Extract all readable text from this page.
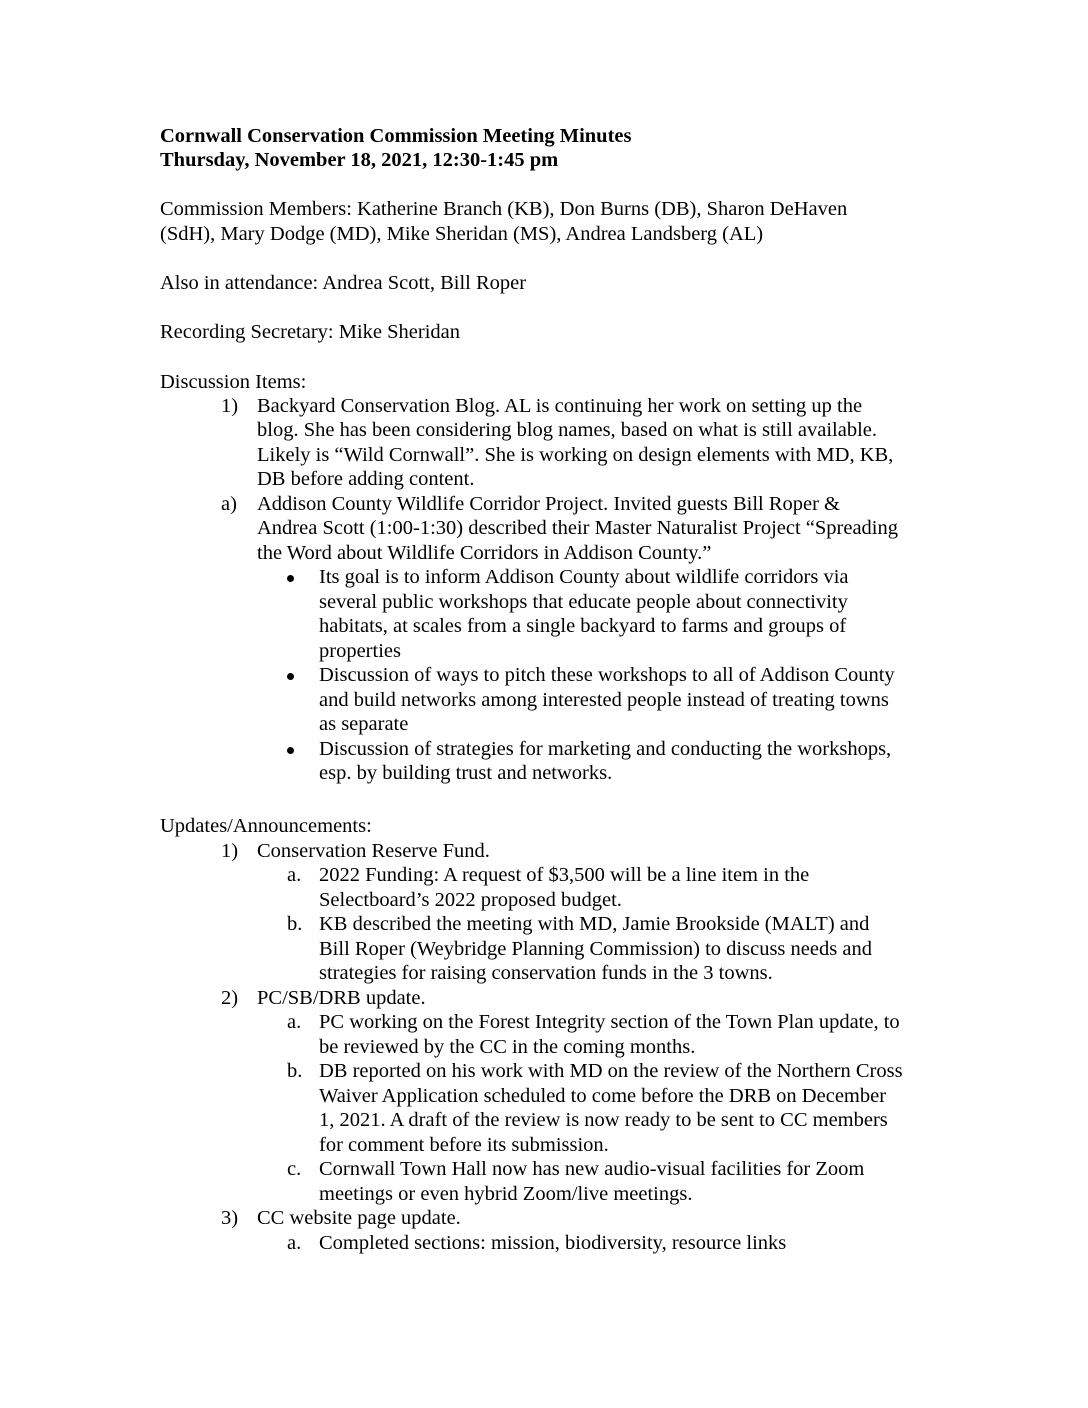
Cornwall Conservation Commission Meeting Minutes
Thursday, November 18, 2021, 12:30-1:45 pm
Commission Members: Katherine Branch (KB), Don Burns (DB), Sharon DeHaven
(SdH), Mary Dodge (MD), Mike Sheridan (MS), Andrea Landsberg (AL)
Also in attendance: Andrea Scott, Bill Roper
Recording Secretary: Mike Sheridan
Discussion Items:
1) Backyard Conservation Blog. AL is continuing her work on setting up the
blog. She has been considering blog names, based on what is still available.
Likely is “Wild Cornwall”. She is working on design elements with MD, KB,
DB before adding content.
a) Addison County Wildlife Corridor Project. Invited guests Bill Roper &
Andrea Scott (1:00-1:30) described their Master Naturalist Project “Spreading
the Word about Wildlife Corridors in Addison County.”
Its goal is to inform Addison County about wildlife corridors via
several public workshops that educate people about connectivity
habitats, at scales from a single backyard to farms and groups of
properties
Discussion of ways to pitch these workshops to all of Addison County
and build networks among interested people instead of treating towns
as separate
Discussion of strategies for marketing and conducting the workshops,
esp. by building trust and networks.
Updates/Announcements:
1) Conservation Reserve Fund.
a. 2022 Funding: A request of $3,500 will be a line item in the
Selectboard’s 2022 proposed budget.
b. KB described the meeting with MD, Jamie Brookside (MALT) and
Bill Roper (Weybridge Planning Commission) to discuss needs and
strategies for raising conservation funds in the 3 towns.
2) PC/SB/DRB update.
a. PC working on the Forest Integrity section of the Town Plan update, to
be reviewed by the CC in the coming months.
b. DB reported on his work with MD on the review of the Northern Cross
Waiver Application scheduled to come before the DRB on December
1, 2021. A draft of the review is now ready to be sent to CC members
for comment before its submission.
c. Cornwall Town Hall now has new audio-visual facilities for Zoom
meetings or even hybrid Zoom/live meetings.
3) CC website page update.
a. Completed sections: mission, biodiversity, resource links
